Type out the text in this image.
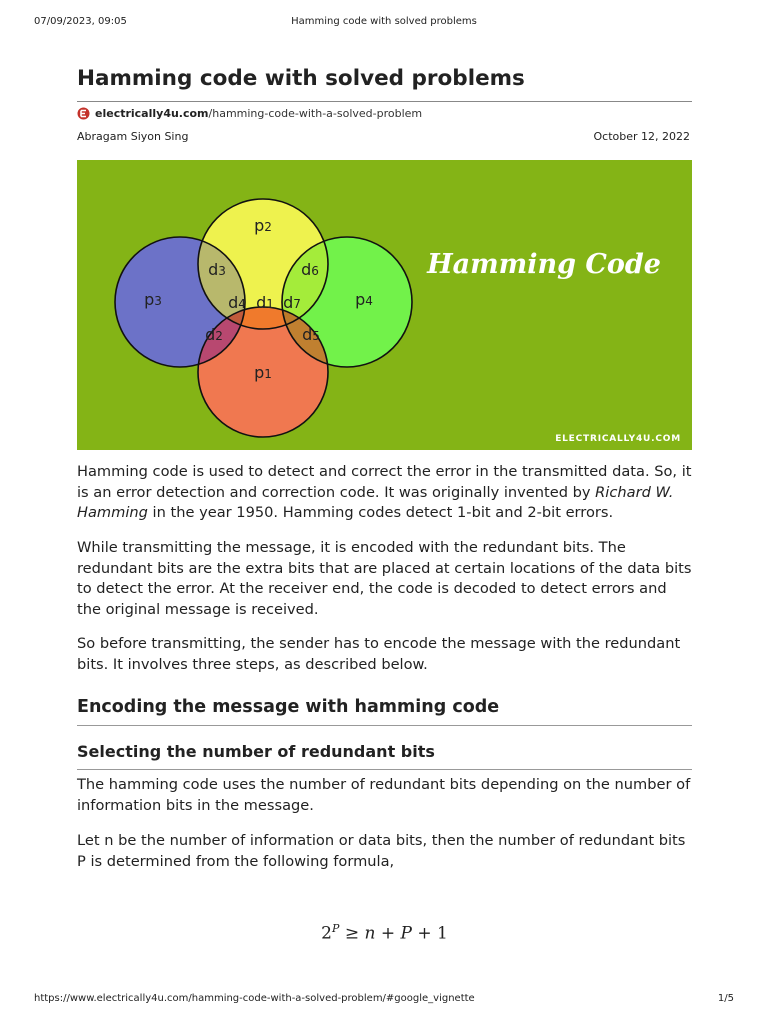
07/09/2023, 09:05	Hamming code with solved problems
Hamming code with solved problems
electrically4u.com /hamming-code-with-a-solved-problem
Abragam Siyon Sing	October 12, 2022
p2
p3	p4
p1
d3	d6
d4 d1 d7
d2	d5
Hamming Code
ELECTRICALLY4U.COM

Hamming code is used to detect and correct the error in the transmitted data. So, it is an error detection and correction code. It was originally invented by Richard W. Hamming in the year 1950. Hamming codes detect 1-bit and 2-bit errors.

While transmitting the message, it is encoded with the redundant bits. The redundant bits are the extra bits that are placed at certain locations of the data bits to detect the error. At the receiver end, the code is decoded to detect errors and the original message is received.

So before transmitting, the sender has to encode the message with the redundant bits. It involves three steps, as described below.

Encoding the message with hamming code
Selecting the number of redundant bits

The hamming code uses the number of redundant bits depending on the number of information bits in the message.

Let n be the number of information or data bits, then the number of redundant bits P is determined from the following formula,

$2^P \ge n + P + 1$
https://www.electrically4u.com/hamming-code-with-a-solved-problem/#google_vignette	1/5
